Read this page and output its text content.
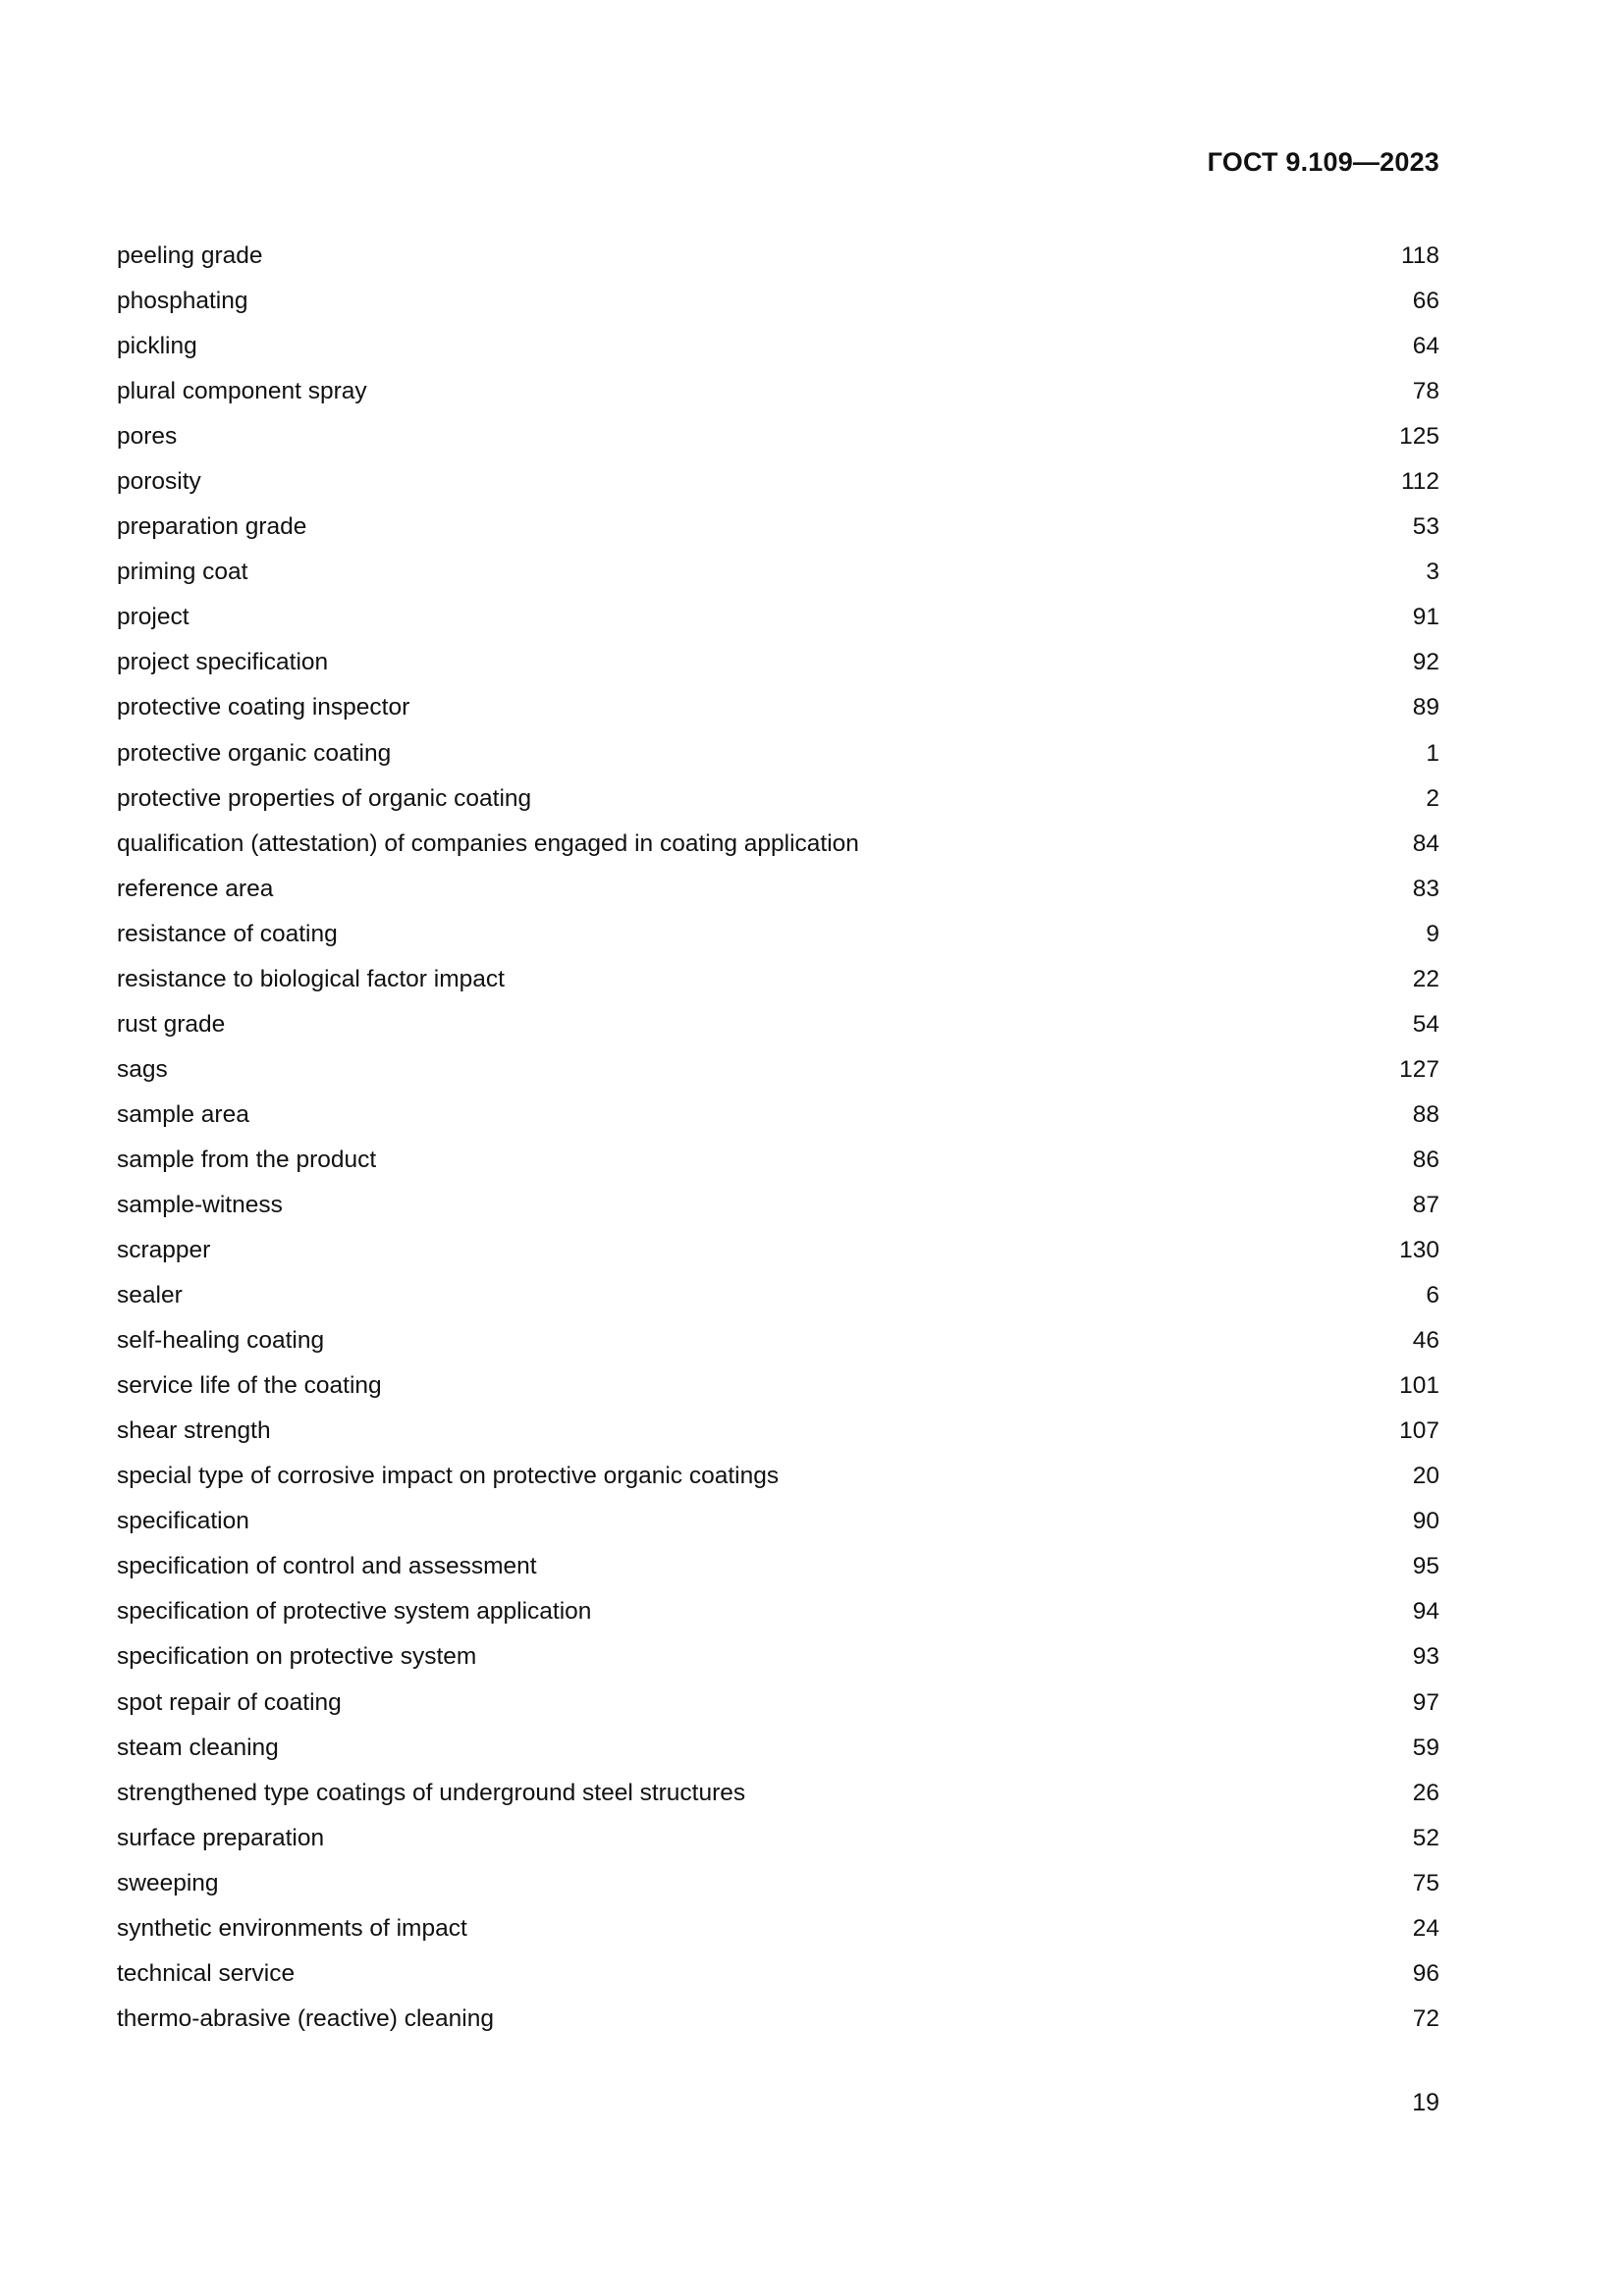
ГОСТ 9.109—2023
peeling grade	118
phosphating	66
pickling	64
plural component spray	78
pores	125
porosity	112
preparation grade	53
priming coat	3
project	91
project specification	92
protective coating inspector	89
protective organic coating	1
protective properties of organic coating	2
qualification (attestation) of companies engaged in coating application	84
reference area	83
resistance of coating	9
resistance to biological factor impact	22
rust grade	54
sags	127
sample area	88
sample from the product	86
sample-witness	87
scrapper	130
sealer	6
self-healing coating	46
service life of the coating	101
shear strength	107
special type of corrosive impact on protective organic coatings	20
specification	90
specification of control and assessment	95
specification of protective system application	94
specification on protective system	93
spot repair of coating	97
steam cleaning	59
strengthened type coatings of underground steel structures	26
surface preparation	52
sweeping	75
synthetic environments of impact	24
technical service	96
thermo-abrasive (reactive) cleaning	72
19
